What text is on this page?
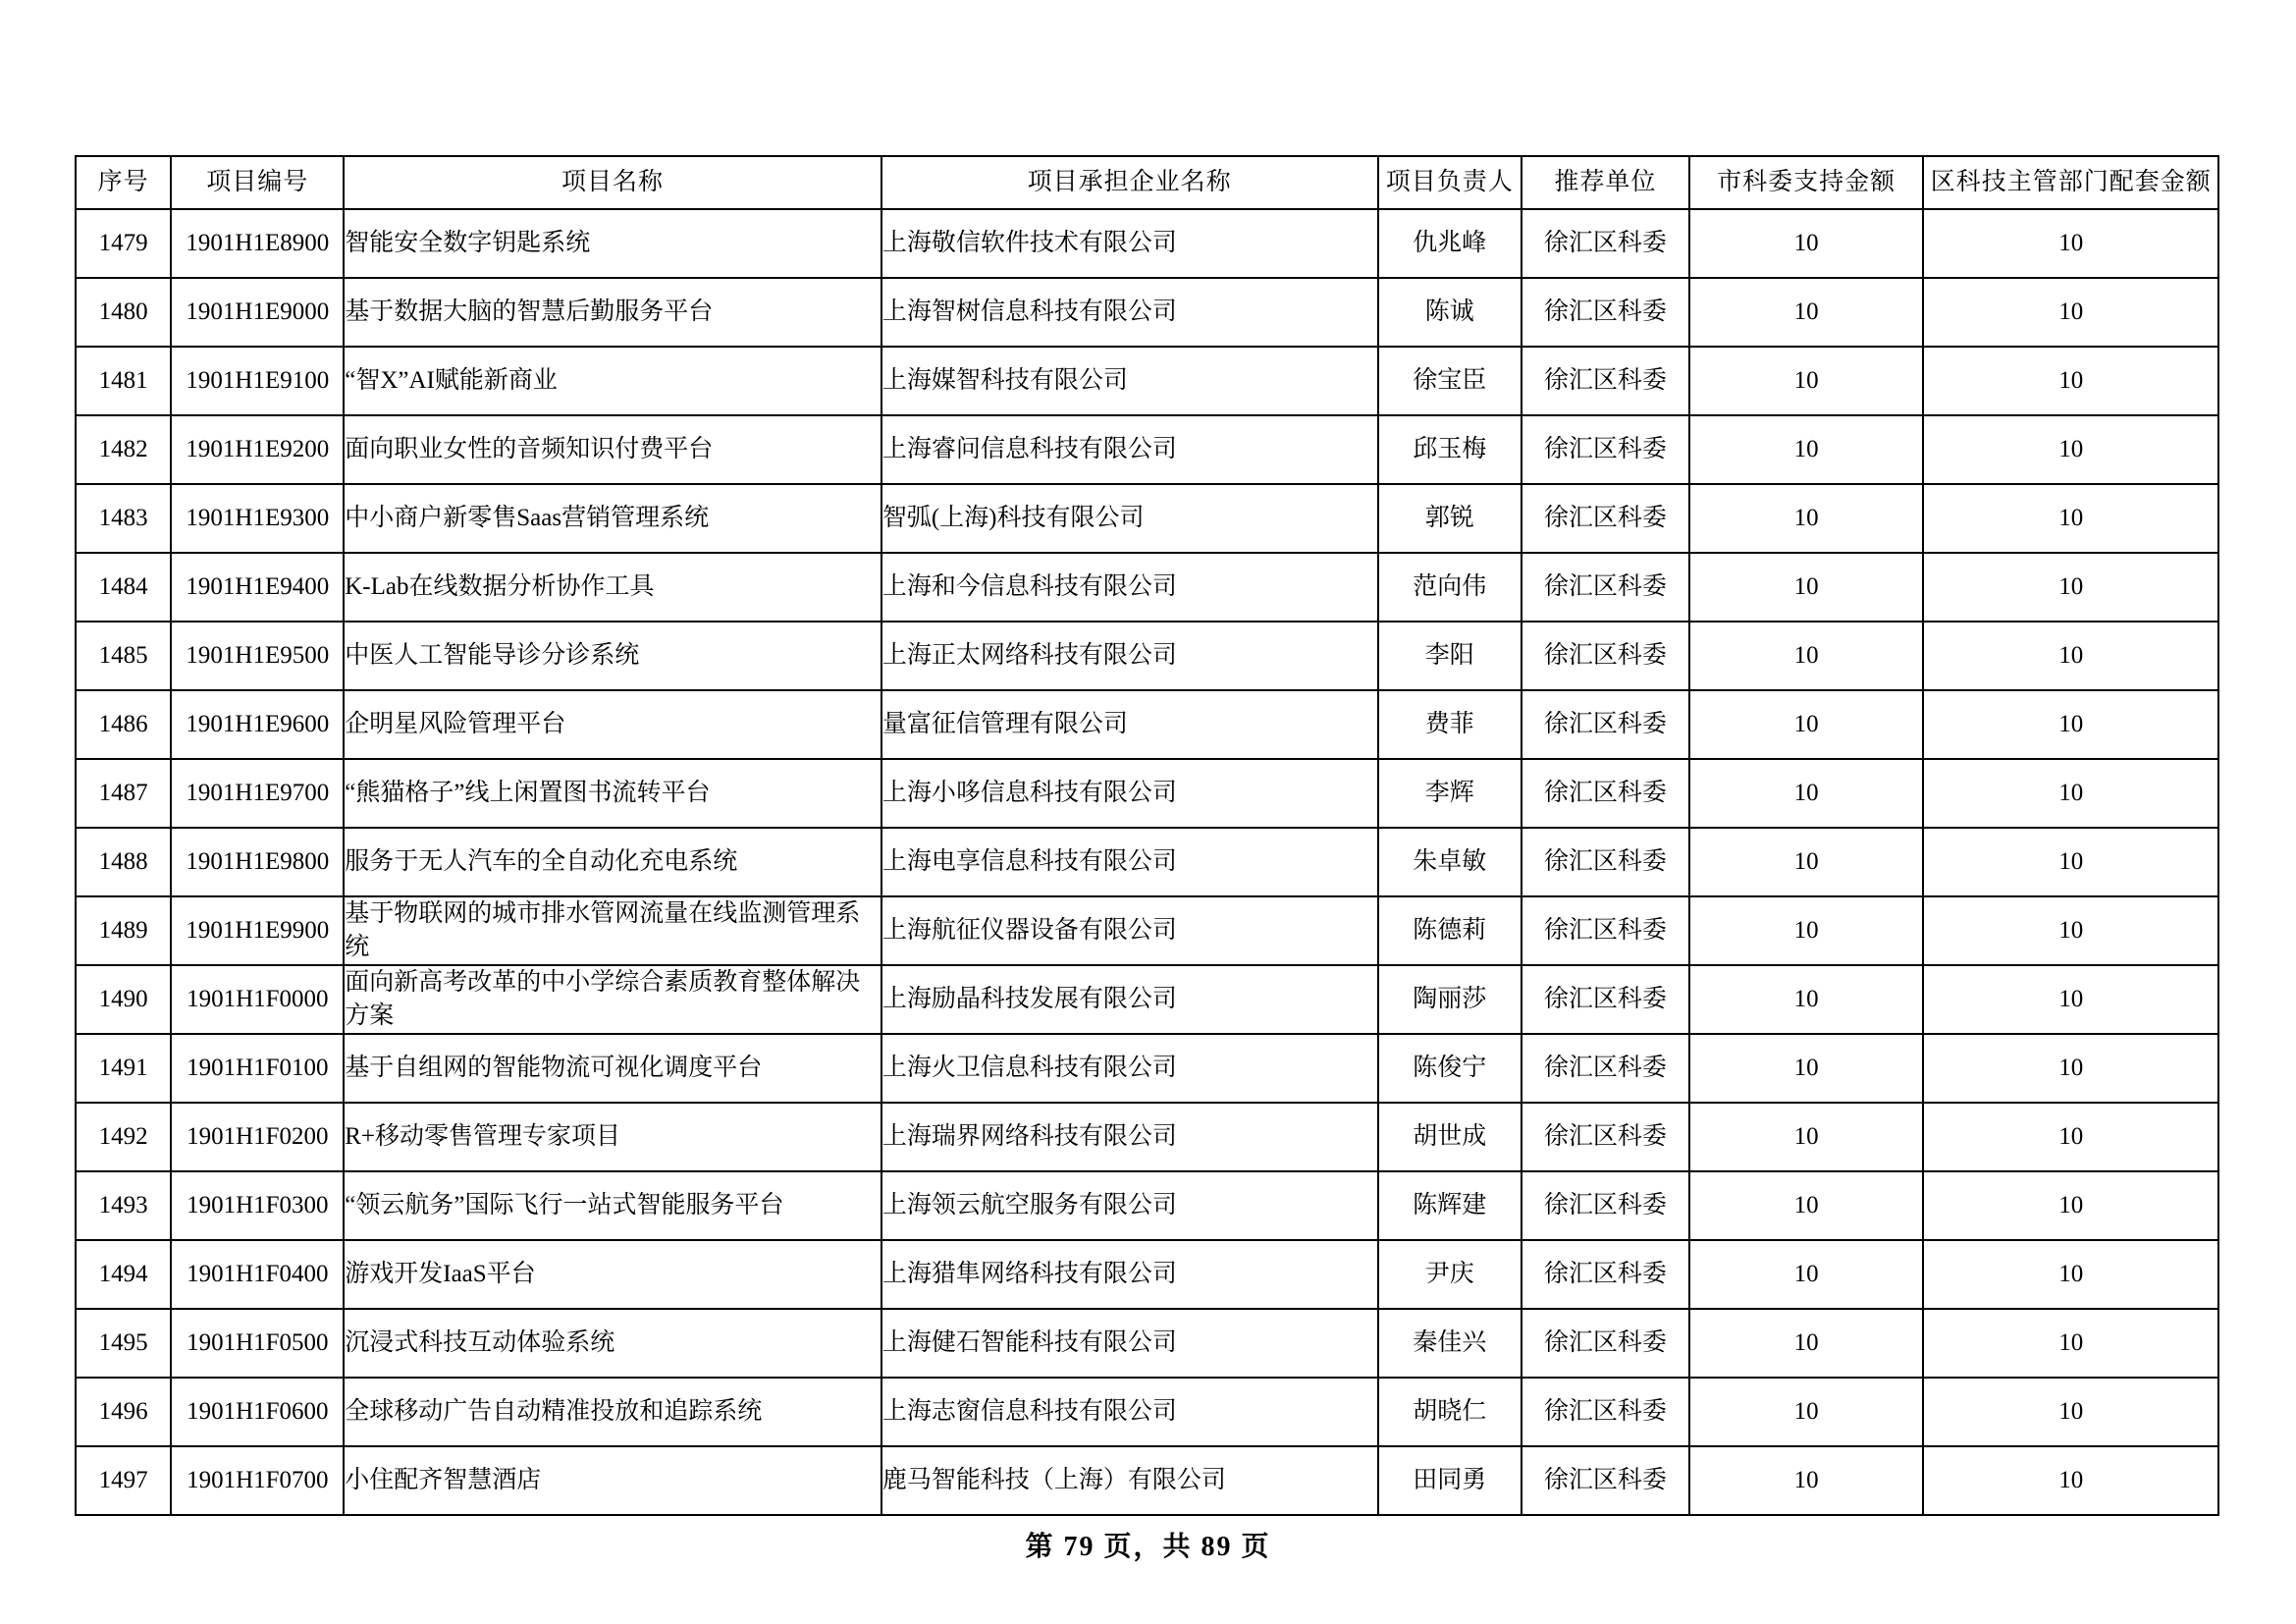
序号	项目编号	项目名称	项目承担企业名称	项目负责人	推荐单位	市科委支持金额	区科技主管部门配套金额
1479	1901H1E8900	智能安全数字钥匙系统	上海敬信软件技术有限公司	仇兆峰	徐汇区科委	10	10
1480	1901H1E9000	基于数据大脑的智慧后勤服务平台	上海智树信息科技有限公司	陈诚	徐汇区科委	10	10
1481	1901H1E9100	“智X”AI赋能新商业	上海媒智科技有限公司	徐宝臣	徐汇区科委	10	10
1482	1901H1E9200	面向职业女性的音频知识付费平台	上海睿问信息科技有限公司	邱玉梅	徐汇区科委	10	10
1483	1901H1E9300	中小商户新零售Saas营销管理系统	智弧(上海)科技有限公司	郭锐	徐汇区科委	10	10
1484	1901H1E9400	K-Lab在线数据分析协作工具	上海和今信息科技有限公司	范向伟	徐汇区科委	10	10
1485	1901H1E9500	中医人工智能导诊分诊系统	上海正太网络科技有限公司	李阳	徐汇区科委	10	10
1486	1901H1E9600	企明星风险管理平台	量富征信管理有限公司	费菲	徐汇区科委	10	10
1487	1901H1E9700	“熊猫格子”线上闲置图书流转平台	上海小哆信息科技有限公司	李辉	徐汇区科委	10	10
1488	1901H1E9800	服务于无人汽车的全自动化充电系统	上海电享信息科技有限公司	朱卓敏	徐汇区科委	10	10
1489	1901H1E9900	基于物联网的城市排水管网流量在线监测管理系统	上海航征仪器设备有限公司	陈德莉	徐汇区科委	10	10
1490	1901H1F0000	面向新高考改革的中小学综合素质教育整体解决方案	上海励晶科技发展有限公司	陶丽莎	徐汇区科委	10	10
1491	1901H1F0100	基于自组网的智能物流可视化调度平台	上海火卫信息科技有限公司	陈俊宁	徐汇区科委	10	10
1492	1901H1F0200	R+移动零售管理专家项目	上海瑞界网络科技有限公司	胡世成	徐汇区科委	10	10
1493	1901H1F0300	“领云航务”国际飞行一站式智能服务平台	上海领云航空服务有限公司	陈辉建	徐汇区科委	10	10
1494	1901H1F0400	游戏开发IaaS平台	上海猎隼网络科技有限公司	尹庆	徐汇区科委	10	10
1495	1901H1F0500	沉浸式科技互动体验系统	上海健石智能科技有限公司	秦佳兴	徐汇区科委	10	10
1496	1901H1F0600	全球移动广告自动精准投放和追踪系统	上海志窗信息科技有限公司	胡晓仁	徐汇区科委	10	10
1497	1901H1F0700	小住配齐智慧酒店	鹿马智能科技（上海）有限公司	田同勇	徐汇区科委	10	10
第 79 页，共 89 页
